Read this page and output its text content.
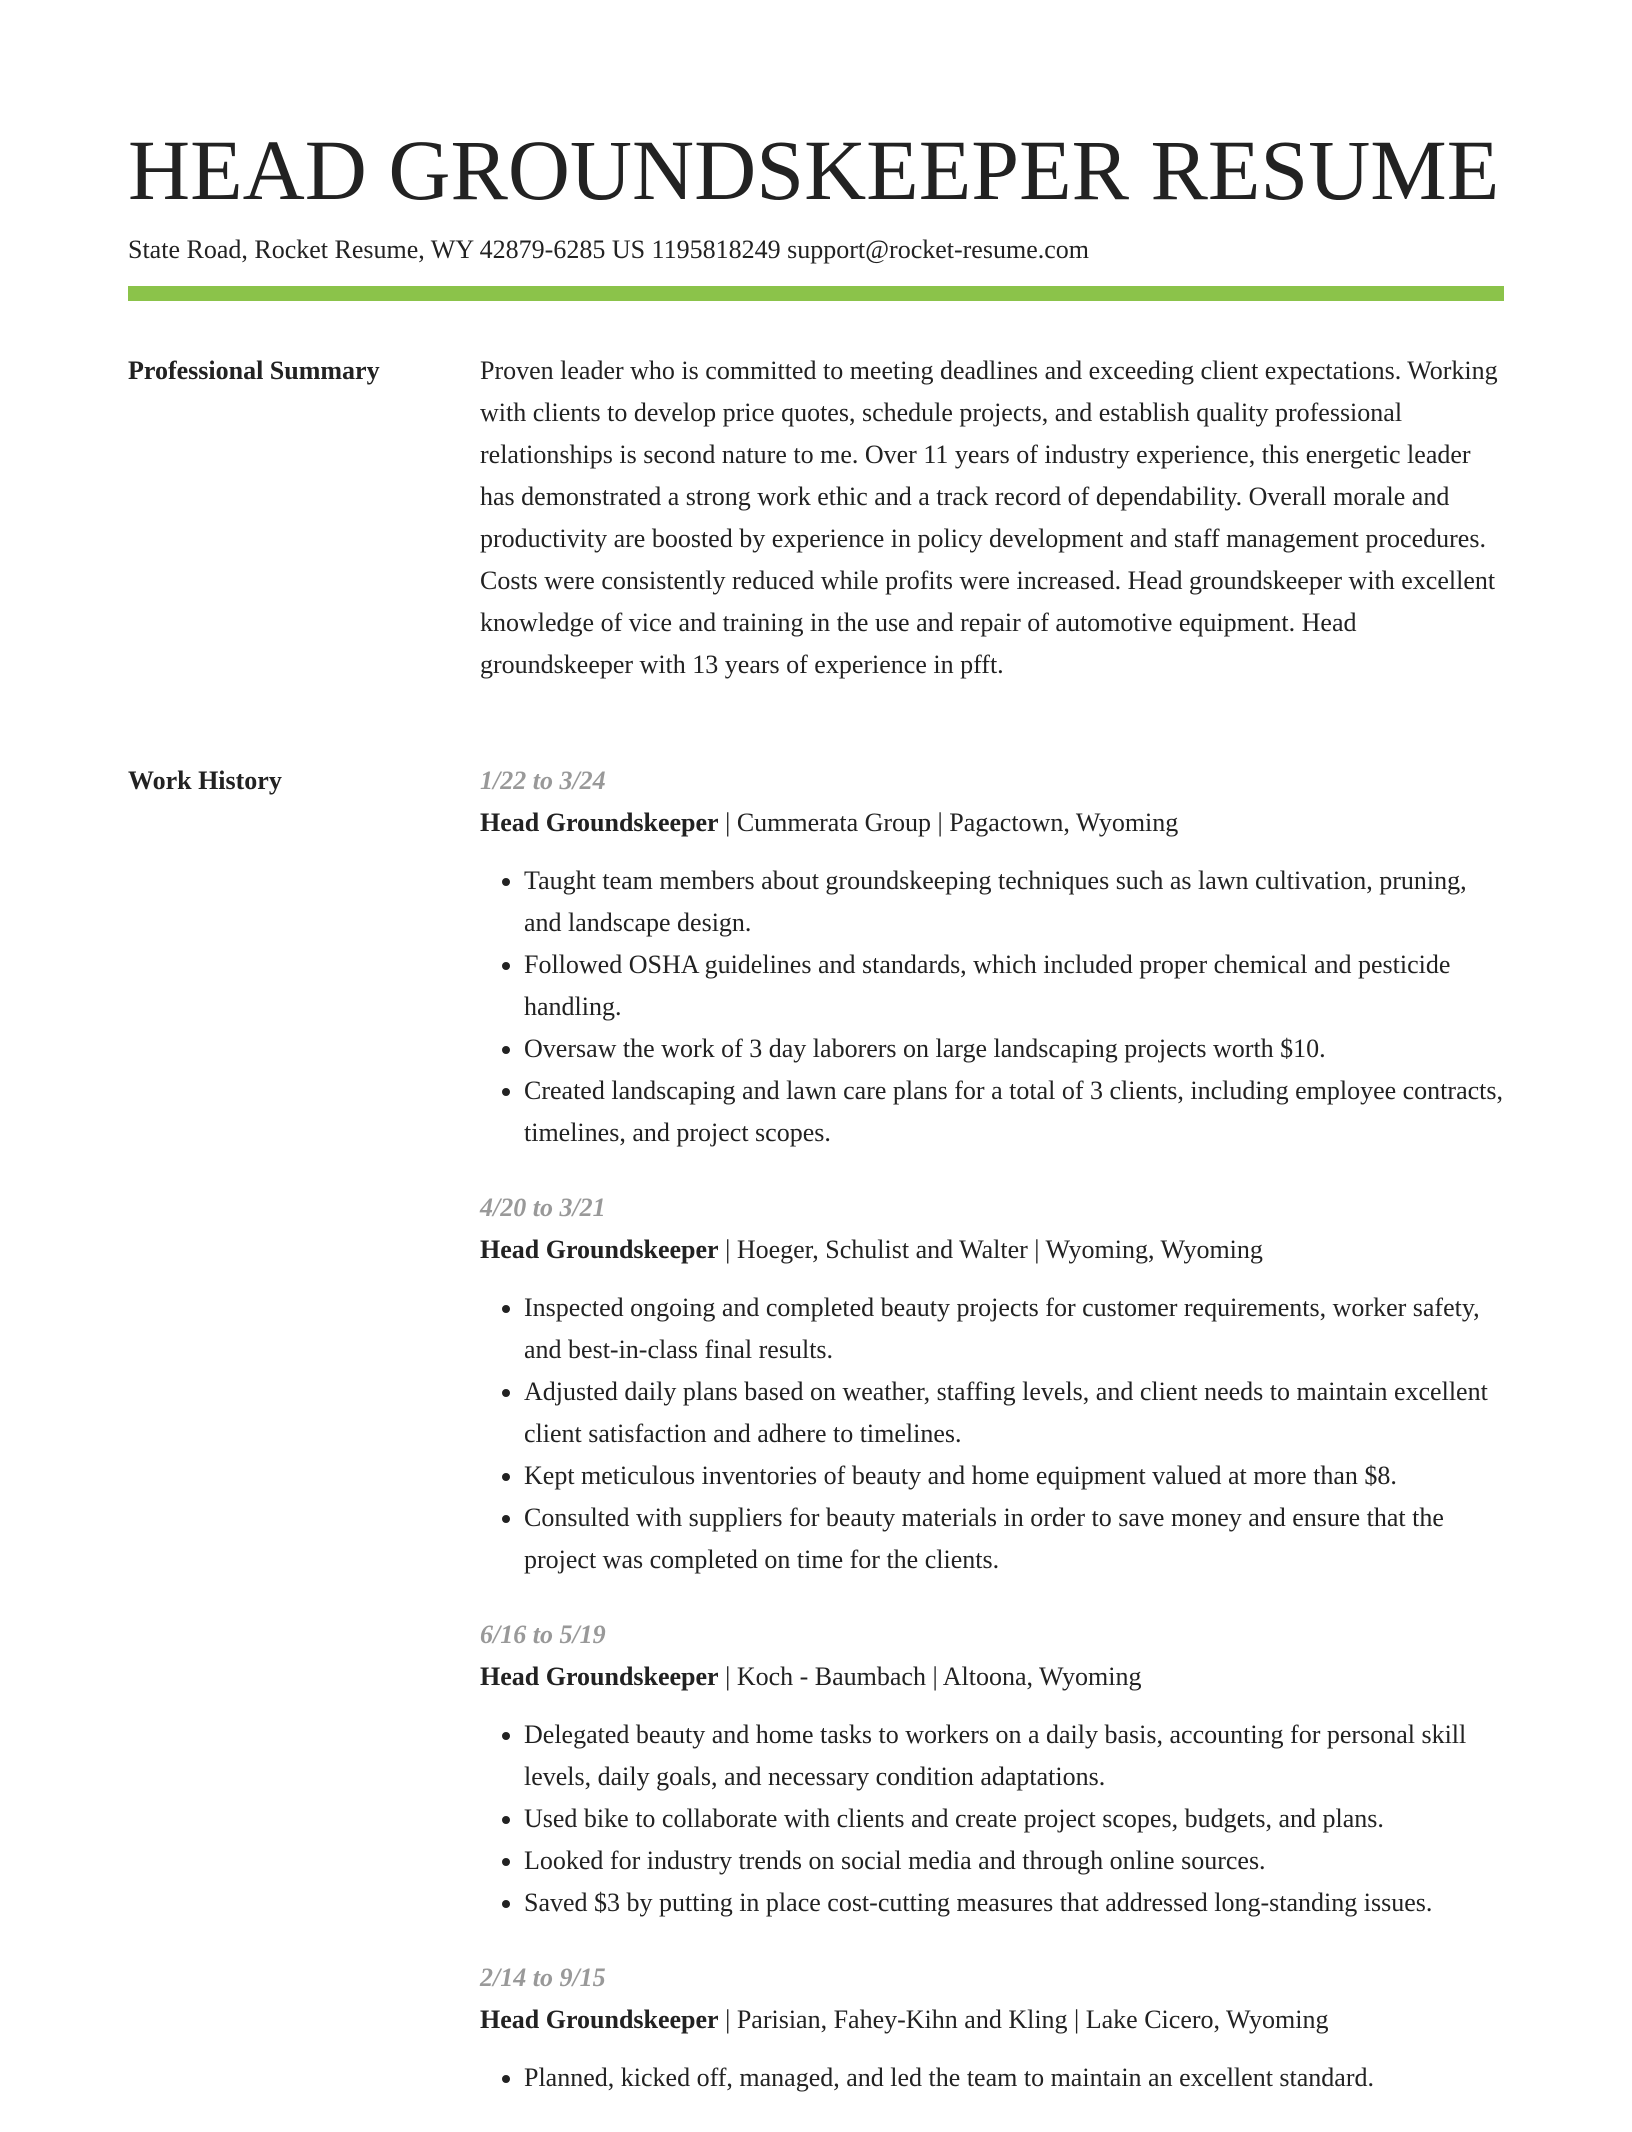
HEAD GROUNDSKEEPER RESUME
State Road, Rocket Resume, WY 42879-6285 US 1195818249 support@rocket-resume.com
Professional Summary	Proven leader who is committed to meeting deadlines and exceeding client expectations. Working with clients to develop price quotes, schedule projects, and establish quality professional relationships is second nature to me. Over 11 years of industry experience, this energetic leader has demonstrated a strong work ethic and a track record of dependability. Overall morale and productivity are boosted by experience in policy development and staff management procedures. Costs were consistently reduced while profits were increased. Head groundskeeper with excellent knowledge of vice and training in the use and repair of automotive equipment. Head groundskeeper with 13 years of experience in pfft.

Work History	1/22 to 3/24
Head Groundskeeper | Cummerata Group | Pagactown, Wyoming
• Taught team members about groundskeeping techniques such as lawn cultivation, pruning, and landscape design.
• Followed OSHA guidelines and standards, which included proper chemical and pesticide handling.
• Oversaw the work of 3 day laborers on large landscaping projects worth $10.
• Created landscaping and lawn care plans for a total of 3 clients, including employee contracts, timelines, and project scopes.
4/20 to 3/21
Head Groundskeeper | Hoeger, Schulist and Walter | Wyoming, Wyoming
• Inspected ongoing and completed beauty projects for customer requirements, worker safety, and best-in-class final results.
• Adjusted daily plans based on weather, staffing levels, and client needs to maintain excellent client satisfaction and adhere to timelines.
• Kept meticulous inventories of beauty and home equipment valued at more than $8.
• Consulted with suppliers for beauty materials in order to save money and ensure that the project was completed on time for the clients.
6/16 to 5/19
Head Groundskeeper | Koch - Baumbach | Altoona, Wyoming
• Delegated beauty and home tasks to workers on a daily basis, accounting for personal skill levels, daily goals, and necessary condition adaptations.
• Used bike to collaborate with clients and create project scopes, budgets, and plans.
• Looked for industry trends on social media and through online sources.
• Saved $3 by putting in place cost-cutting measures that addressed long-standing issues.
2/14 to 9/15
Head Groundskeeper | Parisian, Fahey-Kihn and Kling | Lake Cicero, Wyoming
• Planned, kicked off, managed, and led the team to maintain an excellent standard.
